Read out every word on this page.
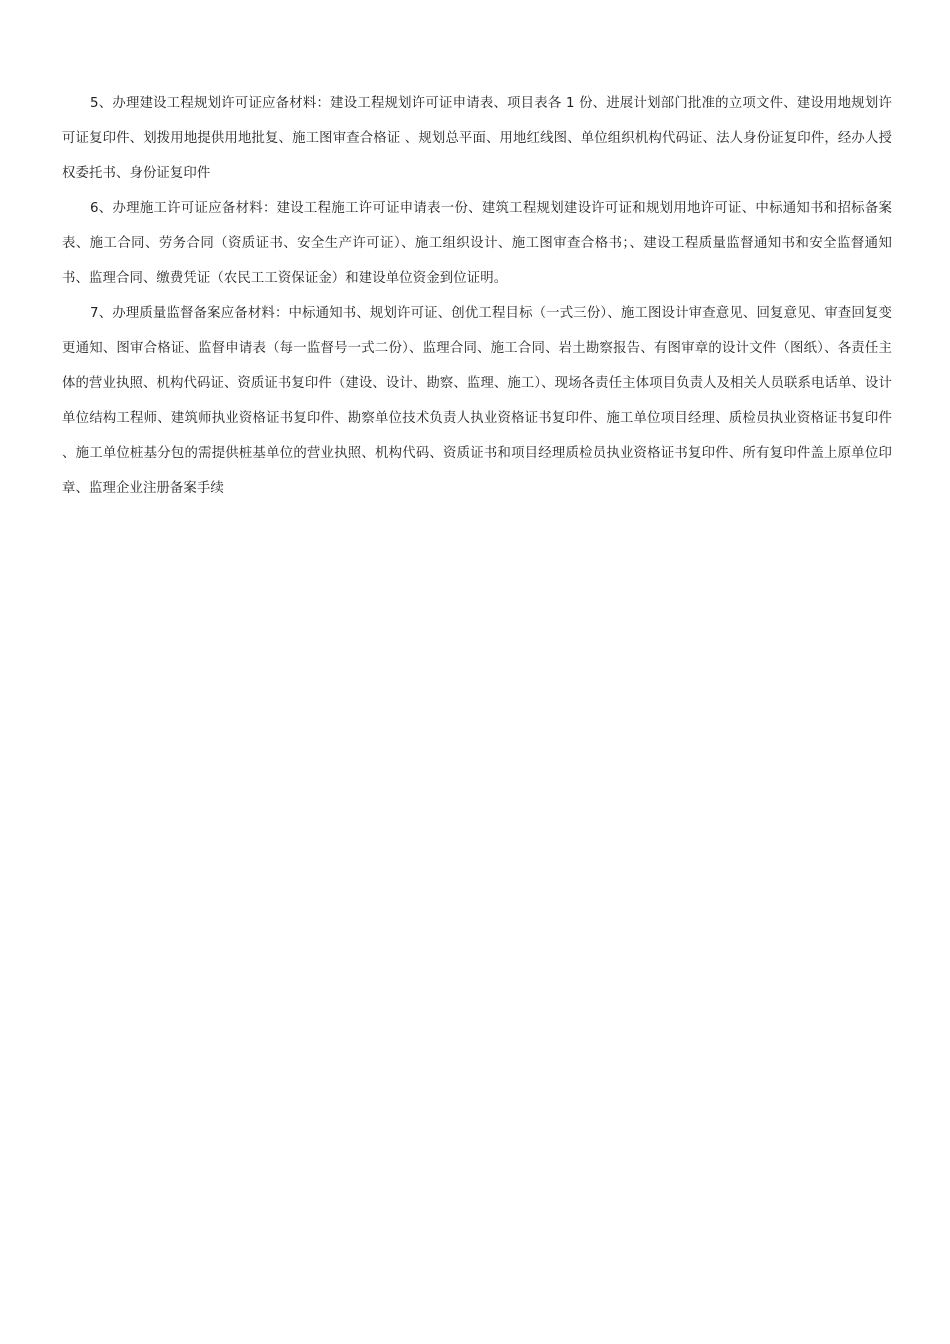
5、办理建设工程规划许可证应备材料：建设工程规划许可证申请表、项目表各 1 份、进展计划部门批准的立项文件、建设用地规划许可证复印件、划拨用地提供用地批复、施工图审查合格证 、规划总平面、用地红线图、单位组织机构代码证、法人身份证复印件，经办人授权委托书、身份证复印件

6、办理施工许可证应备材料：建设工程施工许可证申请表一份、建筑工程规划建设许可证和规划用地许可证、中标通知书和招标备案表、施工合同、劳务合同（资质证书、安全生产许可证）、施工组织设计、施工图审查合格书；、建设工程质量监督通知书和安全监督通知书、监理合同、缴费凭证（农民工工资保证金）和建设单位资金到位证明。

7、办理质量监督备案应备材料：中标通知书、规划许可证、创优工程目标（一式三份）、施工图设计审查意见、回复意见、审查回复变更通知、图审合格证、监督申请表（每一监督号一式二份）、监理合同、施工合同、岩土勘察报告、有图审章的设计文件（图纸）、各责任主体的营业执照、机构代码证、资质证书复印件（建设、设计、勘察、监理、施工）、现场各责任主体项目负责人及相关人员联系电话单、设计单位结构工程师、建筑师执业资格证书复印件、勘察单位技术负责人执业资格证书复印件、施工单位项目经理、质检员执业资格证书复印件 、施工单位桩基分包的需提供桩基单位的营业执照、机构代码、资质证书和项目经理质检员执业资格证书复印件、所有复印件盖上原单位印章、监理企业注册备案手续
